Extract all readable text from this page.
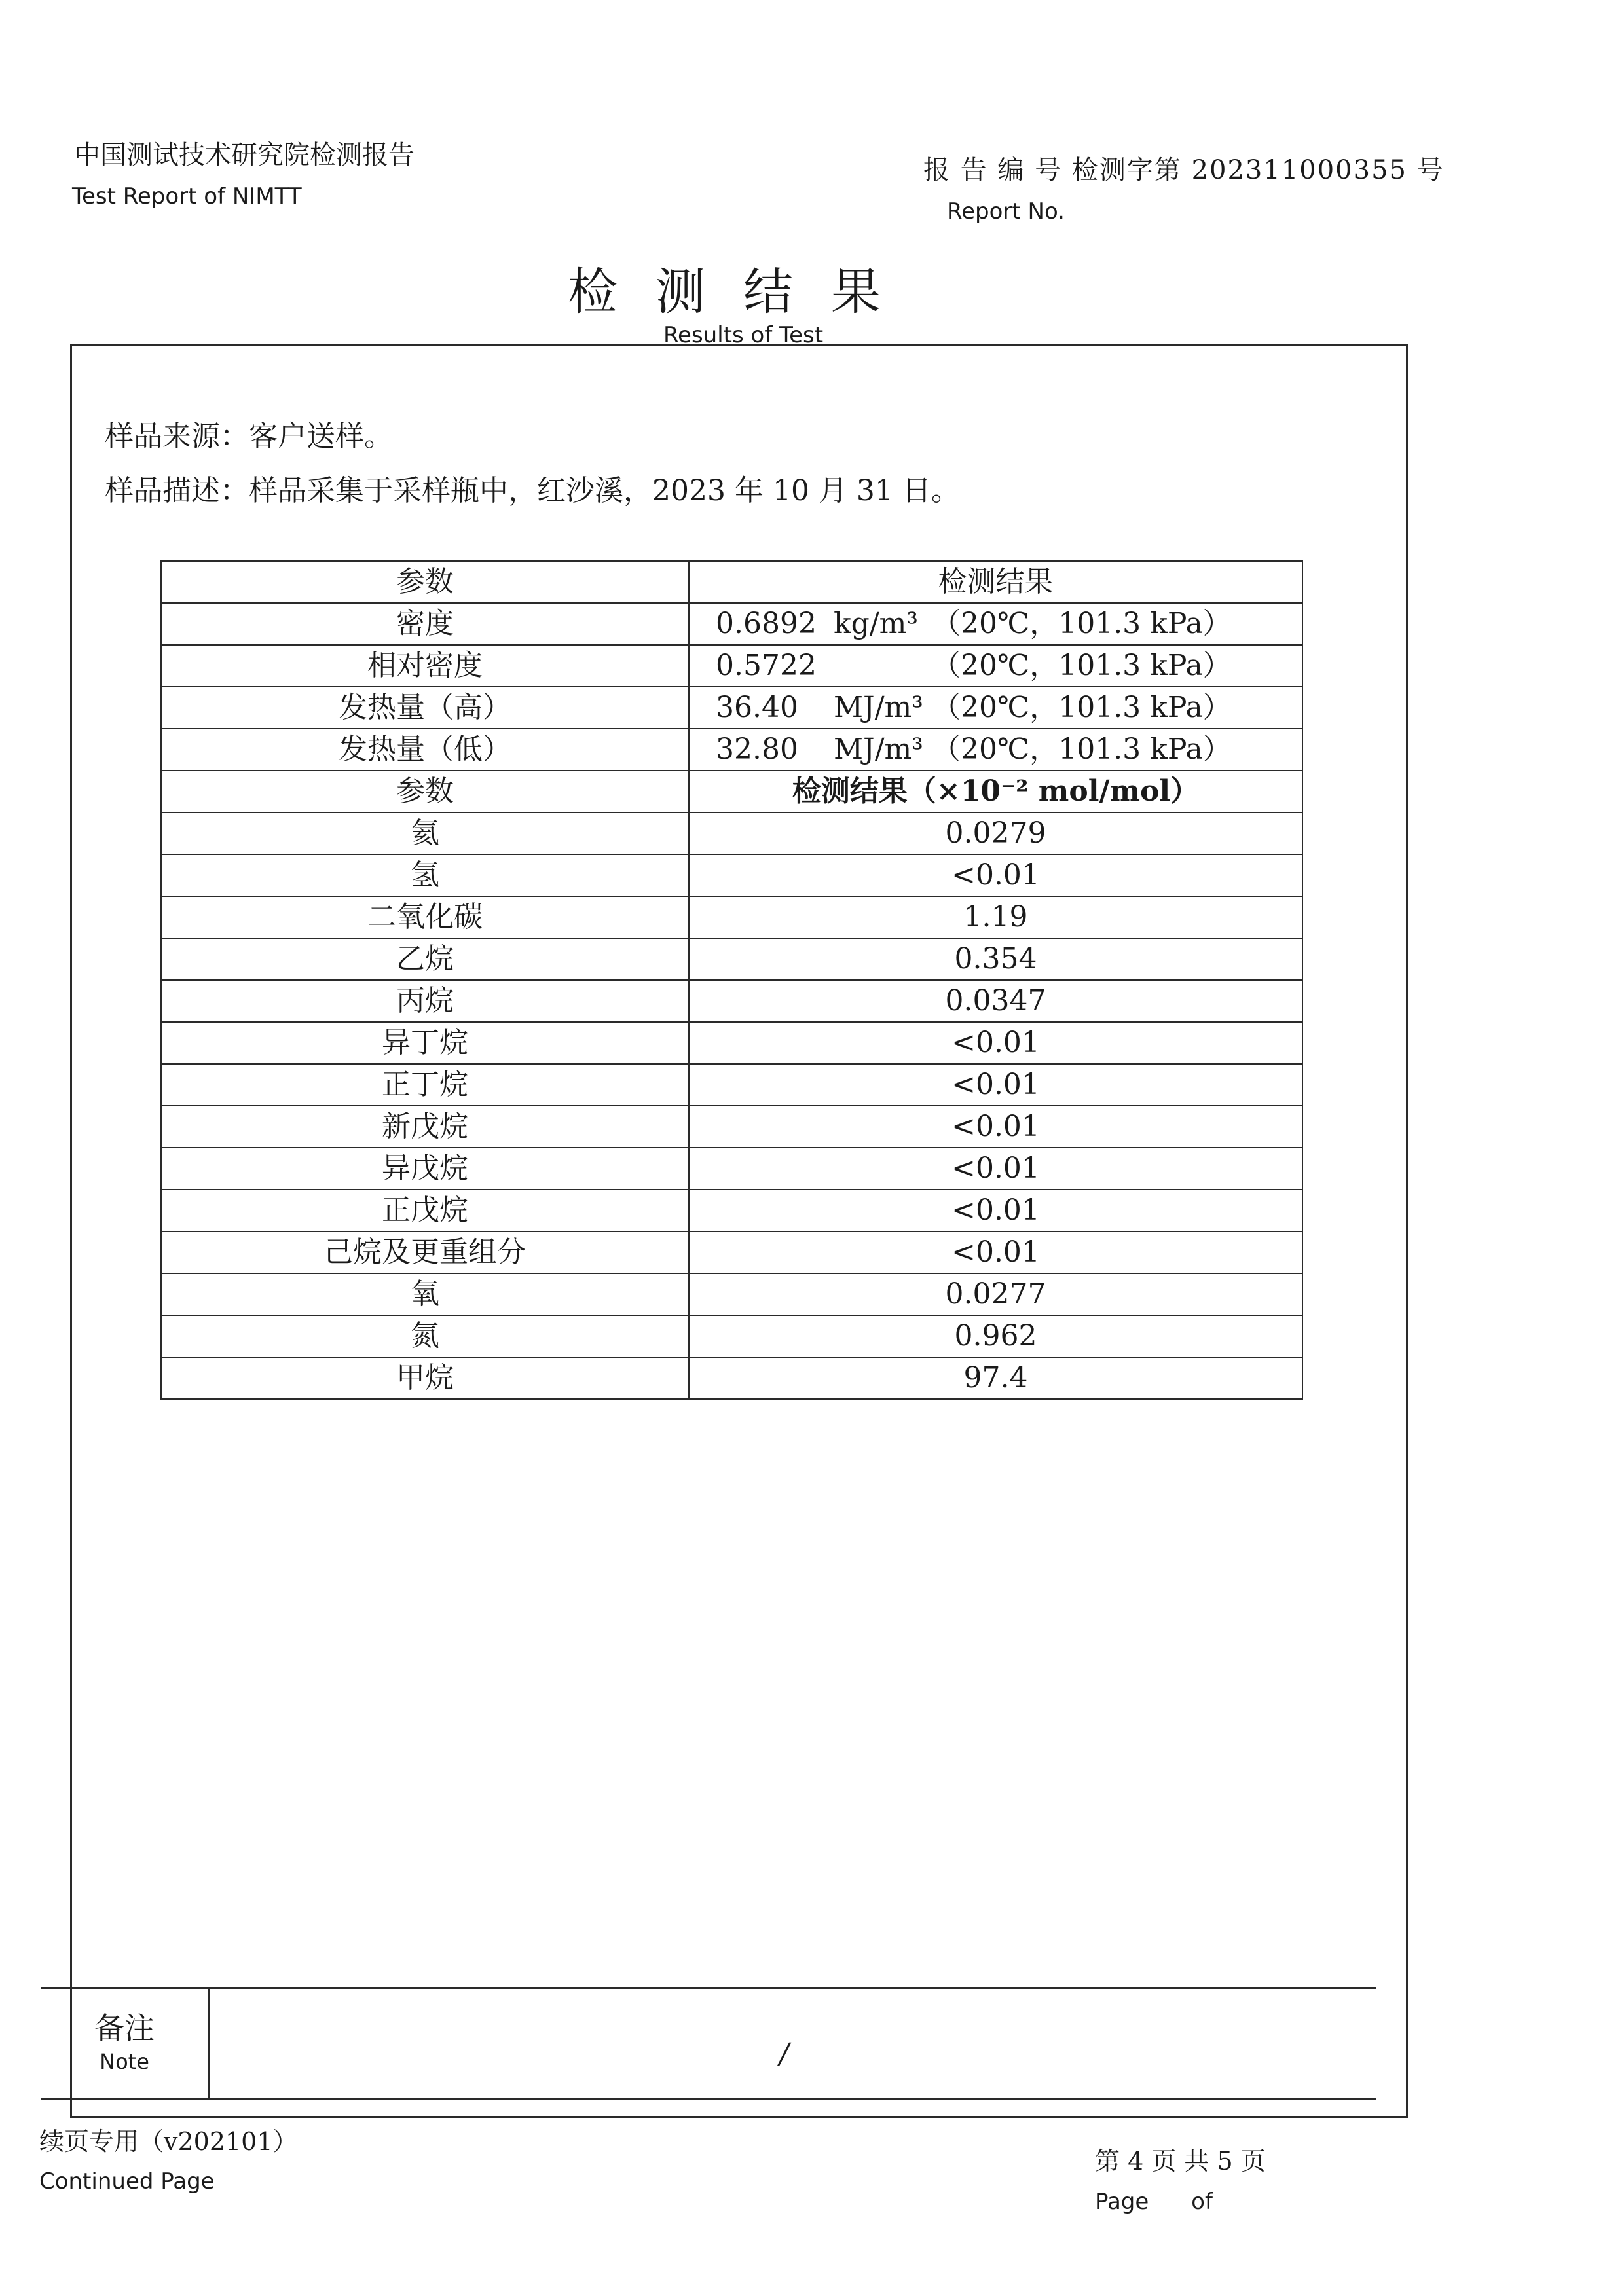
中国测试技术研究院检测报告
Test Report of NIMTT
报 告 编 号 检测字第 202311000355 号
Report No.
检测结果
Results of Test
样品来源：客户送样。
样品描述：样品采集于采样瓶中，红沙溪，2023 年 10 月 31 日。
参数	检测结果
密度	0.6892 kg/m³ （20℃，101.3 kPa）
相对密度	0.5722 （20℃，101.3 kPa）
发热量（高）	36.40 MJ/m³ （20℃，101.3 kPa）
发热量（低）	32.80 MJ/m³ （20℃，101.3 kPa）
参数	检测结果（×10⁻² mol/mol）
氦	0.0279
氢	<0.01
二氧化碳	1.19
乙烷	0.354
丙烷	0.0347
异丁烷	<0.01
正丁烷	<0.01
新戊烷	<0.01
异戊烷	<0.01
正戊烷	<0.01
己烷及更重组分	<0.01
氧	0.0277
氮	0.962
甲烷	97.4
备注
Note	/
续页专用（v202101）
Continued Page
第 4 页 共 5 页
Page      of
